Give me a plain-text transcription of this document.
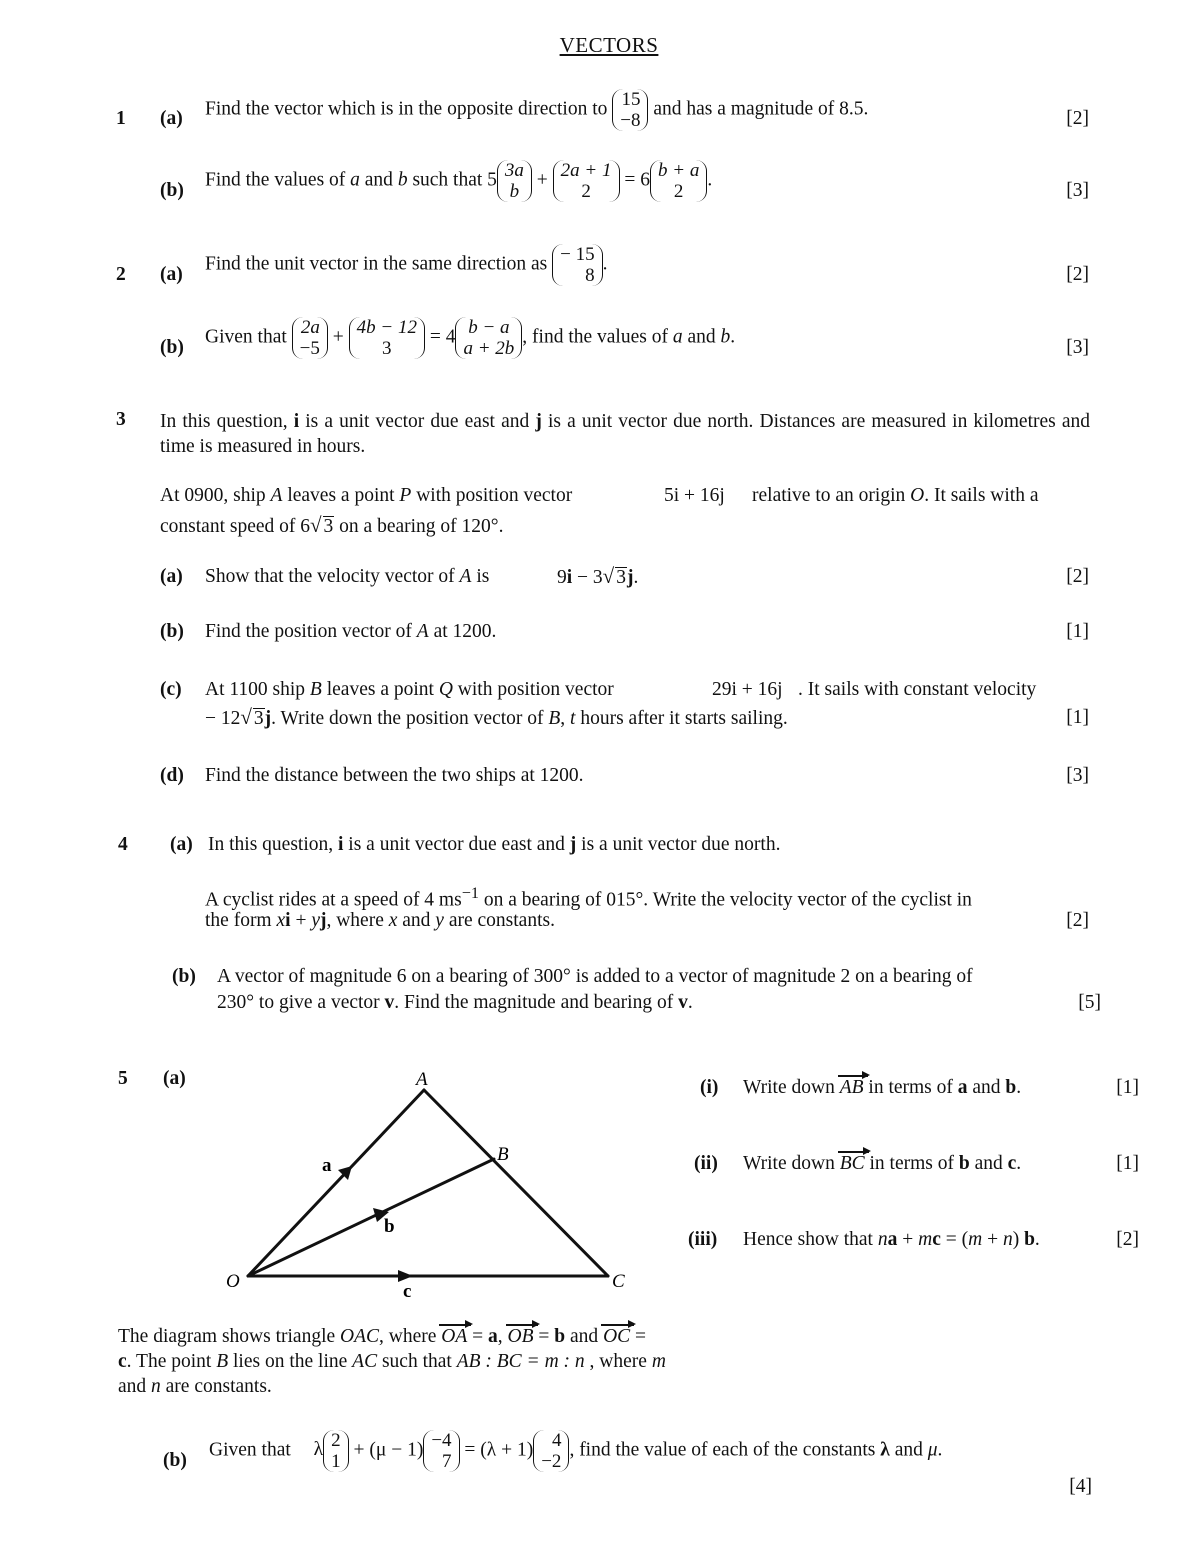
VECTORS
1 (a) Find the vector which is in the opposite direction to 15
−8 and has a magnitude of 8.5.	[2]
(b)
Find the values of a and b such that 5 3a
b + 2a + 1
2 = 6 b + a
2.
[3]
2 (a)
Find the unit vector in the same direction as − 15
8.
[2]
(b)
Given that 2a
−5 + 4b − 12
3 = 4 b − a
a + 2b, find the values of a and b.
[3]
3 In this question, i is a unit vector due east and j is a unit vector due north. Distances are measured in kilometres and time is measured in hours.
At 0900, ship A leaves a point P with position vector	5i + 16j relative to an origin O. It sails with a
constant speed of 6√ 3 on a bearing of 120°.
(a) Show that the velocity vector of A is	9i − 3√ 3j.	[2]
(b) Find the position vector of A at 1200.	[1]
(c) At 1100 ship B leaves a point Q with position vector	29i + 16j . It sails with constant velocity
− 12√ 3j. Write down the position vector of B, t hours after it starts sailing.	[1]
(d) Find the distance between the two ships at 1200.	[3]
4 (a) In this question, i is a unit vector due east and j is a unit vector due north.
A cyclist rides at a speed of 4 $ms^{-1}$ on a bearing of 015°. Write the velocity vector of the cyclist in
the form xi + yj, where x and y are constants.	[2]
(b) A vector of magnitude 6 on a bearing of 300° is added to a vector of magnitude 2 on a bearing of
230° to give a vector v. Find the magnitude and bearing of v.	[5]
5 (a)	A
B
C
O
a
b
c
(i) Write down AB in terms of a and b.	[1]
(ii) Write down BC in terms of b and c.	[1]
(iii) Hence show that na + mc = (m + n) b.	[2]
The diagram shows triangle OAC, where OA = a, OB = b and OC =
c. The point B lies on the line AC such that AB : BC = m : n , where m
and n are constants.
(b)
Given that λ 2
1 + (μ − 1) −4
7 = (λ + 1) 4
−2, find the value of each of the constants λ and μ.
[4]
